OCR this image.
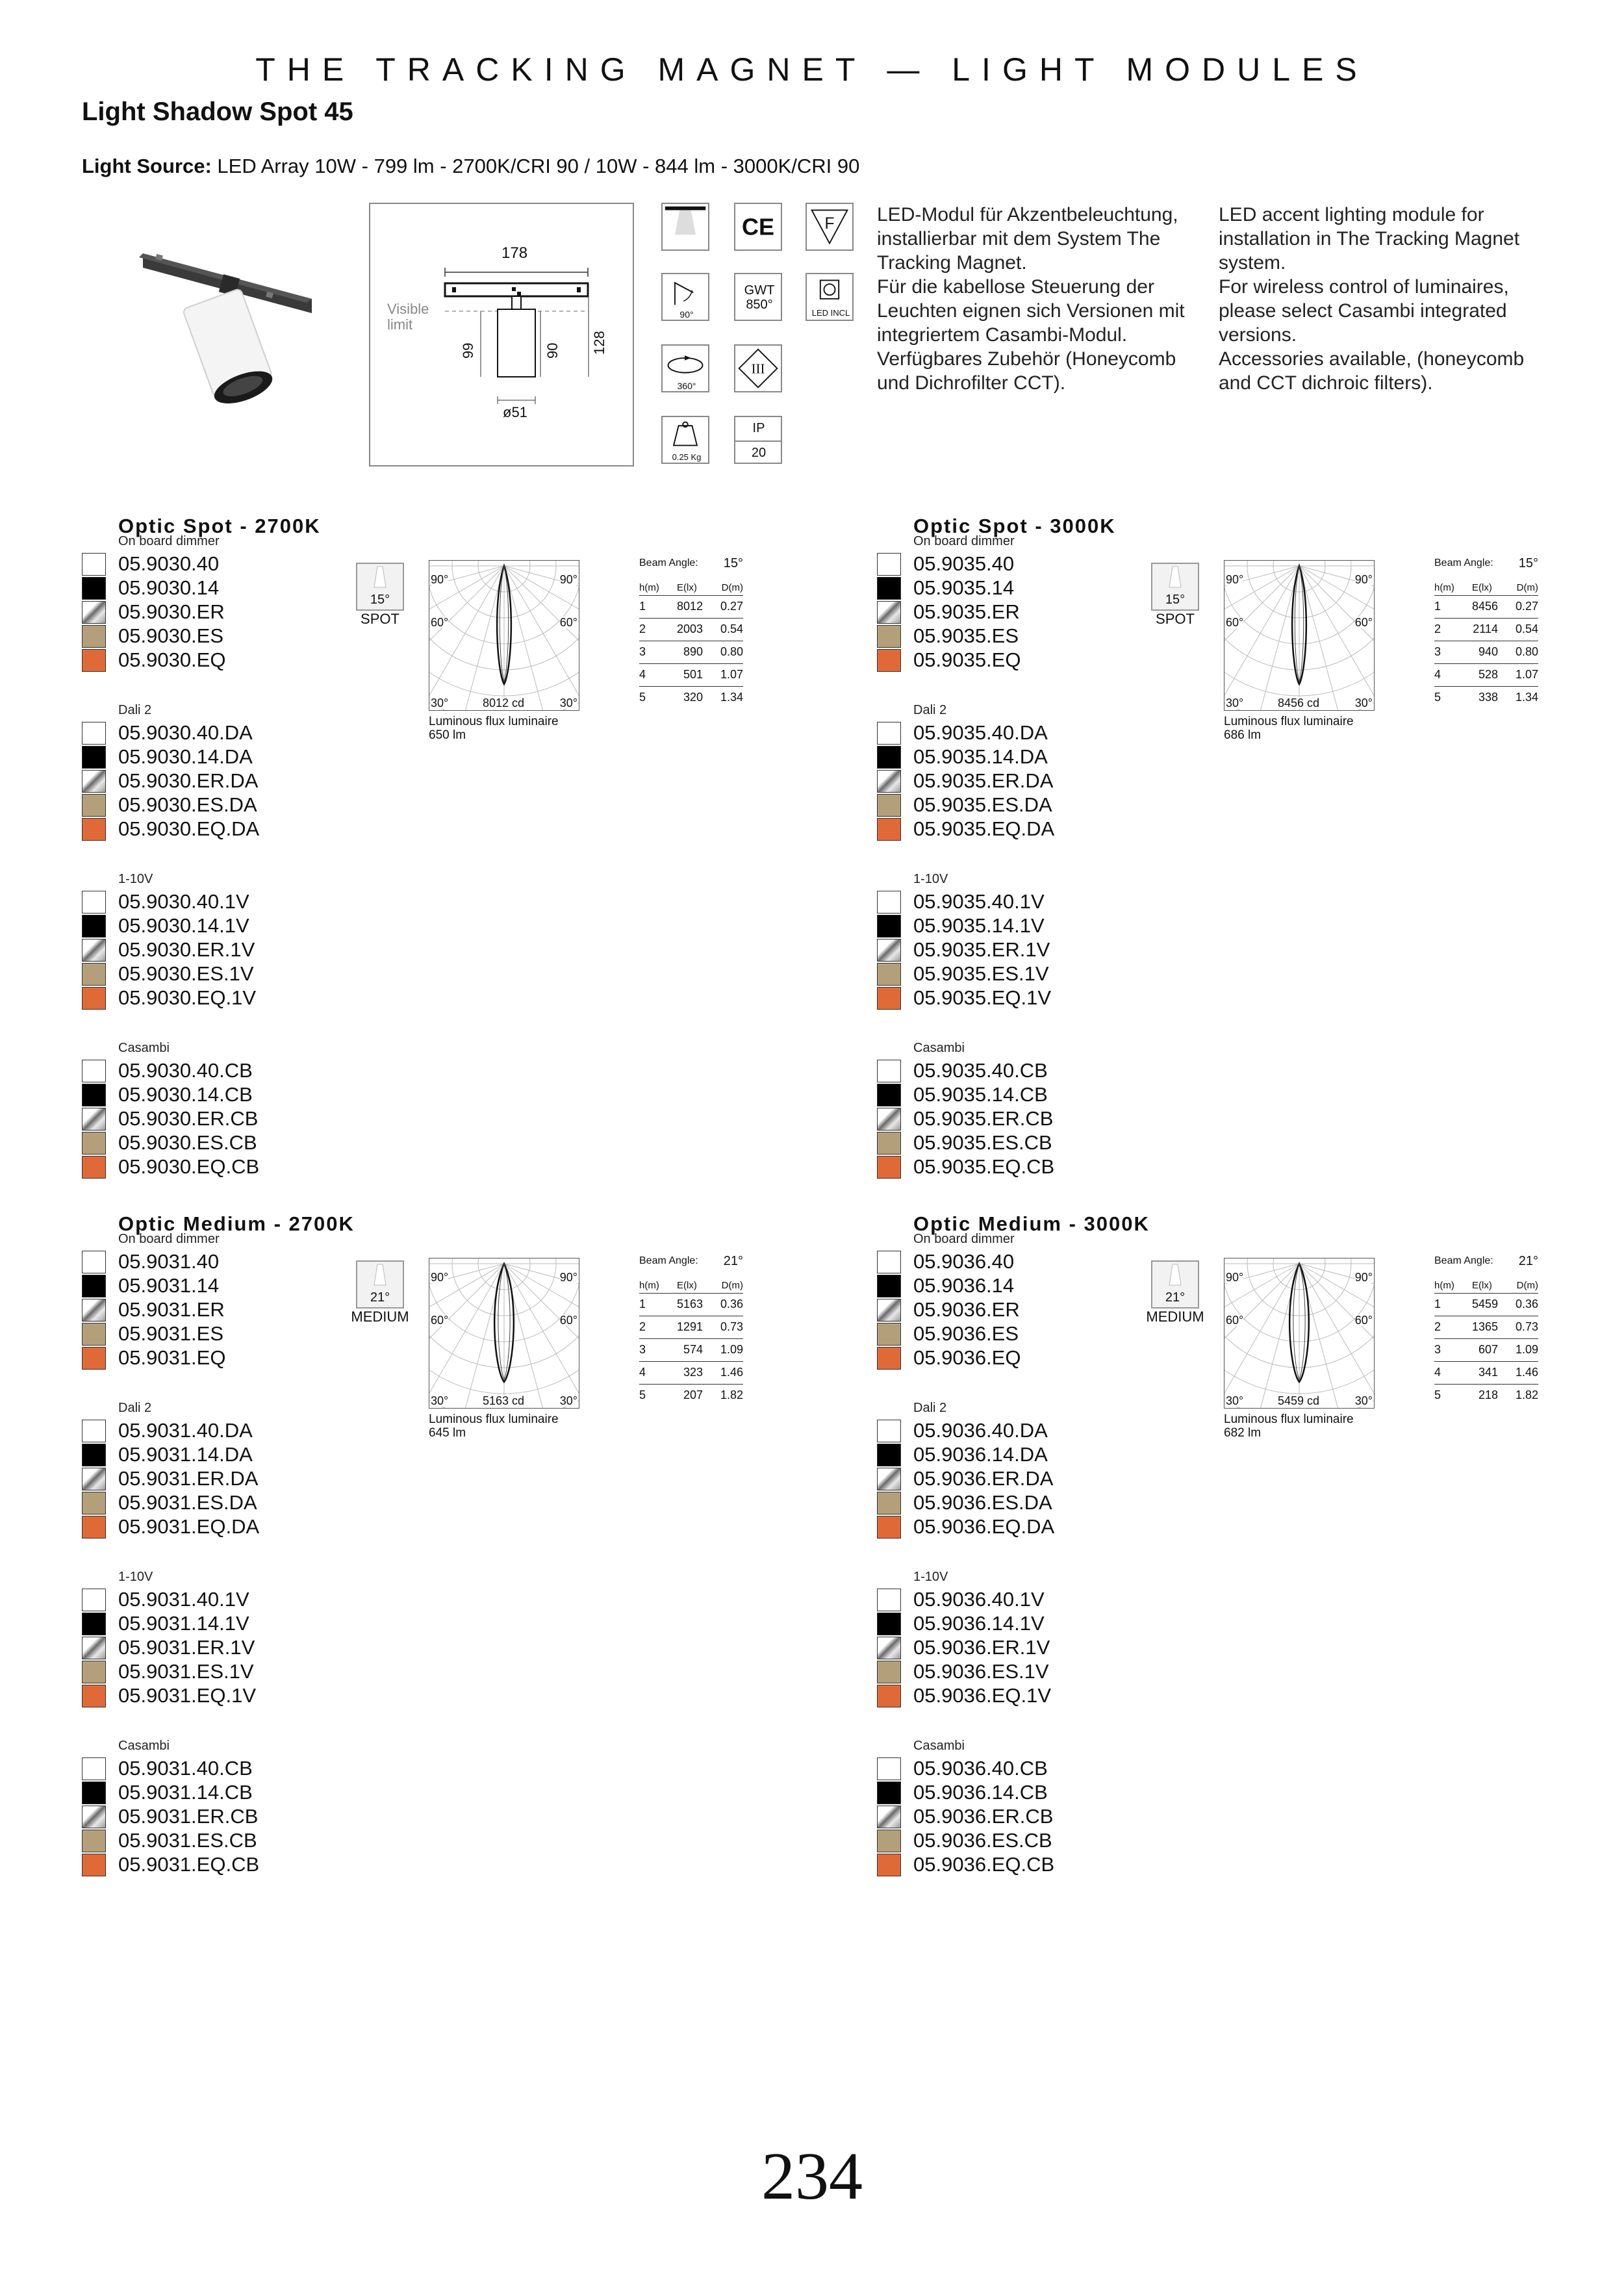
THE TRACKING MAGNET — LIGHT MODULES
Light Shadow Spot 45
Light Source: LED Array 10W - 799 lm - 2700K/CRI 90 / 10W - 844 lm - 3000K/CRI 90
178
Visible limit
99	90 128
ø51
CE	F
90°
GWT
850°
LED INCL
360°
III
0.25 Kg
IP
20

LED-Modul für Akzentbeleuchtung,

installierbar mit dem System The

Tracking Magnet.

Für die kabellose Steuerung der

Leuchten eignen sich Versionen mit

integriertem Casambi-Modul.

Verfügbares Zubehör (Honeycomb

und Dichrofilter CCT).

LED accent lighting module for

installation in The Tracking Magnet

system.

For wireless control of luminaires,

please select Casambi integrated

versions.

Accessories available, (honeycomb

and CCT dichroic filters).

Optic Spot - 2700K
On board dimmer
05.9030.40
05.9030.14
05.9030.ER
05.9030.ES
05.9030.EQ
Dali 2
05.9030.40.DA
05.9030.14.DA
05.9030.ER.DA
05.9030.ES.DA
05.9030.EQ.DA
1-10V
05.9030.40.1V
05.9030.14.1V
05.9030.ER.1V
05.9030.ES.1V
05.9030.EQ.1V
Casambi
05.9030.40.CB
05.9030.14.CB
05.9030.ER.CB
05.9030.ES.CB
05.9030.EQ.CB
15°
SPOT
90°	90°
60°	60°
30°	30°
8012 cd
Luminous flux luminaire
650 lm
Beam Angle: 15°
h(m) E(lx)	D(m)
1	8012 0.27
2	2003 0.54
3	890 0.80
4	501 1.07
5	320 1.34
Optic Spot - 3000K
On board dimmer
05.9035.40
05.9035.14
05.9035.ER
05.9035.ES
05.9035.EQ
Dali 2
05.9035.40.DA
05.9035.14.DA
05.9035.ER.DA
05.9035.ES.DA
05.9035.EQ.DA
1-10V
05.9035.40.1V
05.9035.14.1V
05.9035.ER.1V
05.9035.ES.1V
05.9035.EQ.1V
Casambi
05.9035.40.CB
05.9035.14.CB
05.9035.ER.CB
05.9035.ES.CB
05.9035.EQ.CB
15°
SPOT
90°	90°
60°	60°
30°	30°
8456 cd
Luminous flux luminaire
686 lm
Beam Angle: 15°
h(m) E(lx)	D(m)
1	8456 0.27
2	2114 0.54
3	940 0.80
4	528 1.07
5	338 1.34
Optic Medium - 2700K
On board dimmer
05.9031.40
05.9031.14
05.9031.ER
05.9031.ES
05.9031.EQ
Dali 2
05.9031.40.DA
05.9031.14.DA
05.9031.ER.DA
05.9031.ES.DA
05.9031.EQ.DA
1-10V
05.9031.40.1V
05.9031.14.1V
05.9031.ER.1V
05.9031.ES.1V
05.9031.EQ.1V
Casambi
05.9031.40.CB
05.9031.14.CB
05.9031.ER.CB
05.9031.ES.CB
05.9031.EQ.CB
21°
MEDIUM
90°	90°
60°	60°
30°	30°
5163 cd
Luminous flux luminaire
645 lm
Beam Angle: 21°
h(m) E(lx)	D(m)
1	5163 0.36
2	1291 0.73
3	574 1.09
4	323 1.46
5	207 1.82
Optic Medium - 3000K
On board dimmer
05.9036.40
05.9036.14
05.9036.ER
05.9036.ES
05.9036.EQ
Dali 2
05.9036.40.DA
05.9036.14.DA
05.9036.ER.DA
05.9036.ES.DA
05.9036.EQ.DA
1-10V
05.9036.40.1V
05.9036.14.1V
05.9036.ER.1V
05.9036.ES.1V
05.9036.EQ.1V
Casambi
05.9036.40.CB
05.9036.14.CB
05.9036.ER.CB
05.9036.ES.CB
05.9036.EQ.CB
21°
MEDIUM
90°	90°
60°	60°
30°	30°
5459 cd
Luminous flux luminaire
682 lm
Beam Angle: 21°
h(m) E(lx)	D(m)
1	5459 0.36
2	1365 0.73
3	607 1.09
4	341 1.46
5	218 1.82
234
